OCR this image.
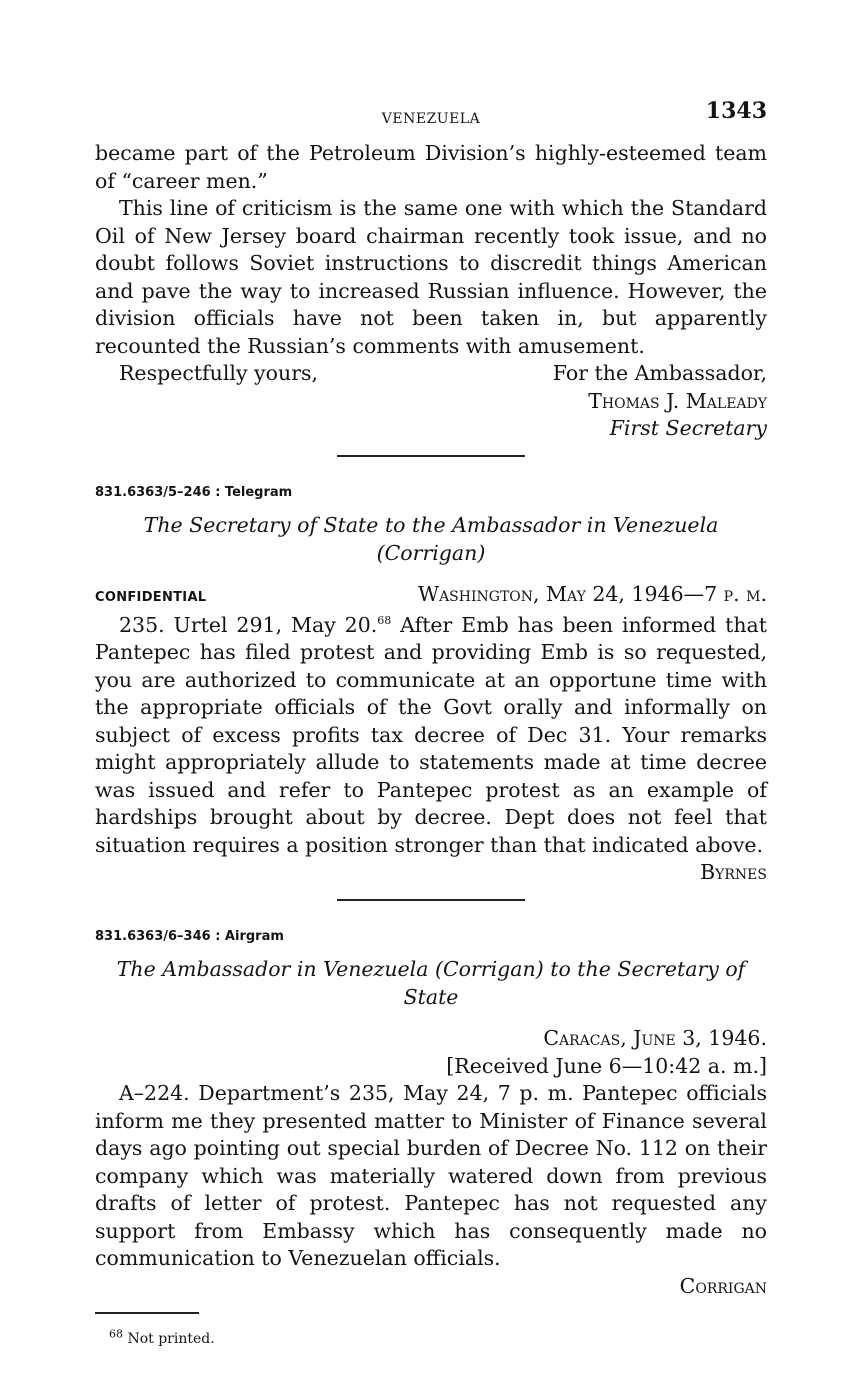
VENEZUELA	1343

became part of the Petroleum Division’s highly-esteemed team of “career men.”

This line of criticism is the same one with which the Standard Oil of New Jersey board chairman recently took issue, and no doubt follows Soviet instructions to discredit things American and pave the way to increased Russian influence. However, the division officials have not been taken in, but apparently recounted the Russian’s comments with amusement.

Respectfully yours,	For the Ambassador,
Thomas J. Maleady
First Secretary
831.6363/5–246 : Telegram
The Secretary of State to the Ambassador in Venezuela (Corrigan)
CONFIDENTIAL	Washington, May 24, 1946—7 p. m.

235. Urtel 291, May 20.68 After Emb has been informed that Pantepec has filed protest and providing Emb is so requested, you are authorized to communicate at an opportune time with the appropriate officials of the Govt orally and informally on subject of excess profits tax decree of Dec 31. Your remarks might appropriately allude to statements made at time decree was issued and refer to Pantepec protest as an example of hardships brought about by decree. Dept does not feel that situation requires a position stronger than that indicated above.

Byrnes
831.6363/6–346 : Airgram
The Ambassador in Venezuela (Corrigan) to the Secretary of State
Caracas, June 3, 1946.
[Received June 6—10:42 a. m.]

A–224. Department’s 235, May 24, 7 p. m. Pantepec officials inform me they presented matter to Minister of Finance several days ago pointing out special burden of Decree No. 112 on their company which was materially watered down from previous drafts of letter of protest. Pantepec has not requested any support from Embassy which has consequently made no communication to Venezuelan officials.

Corrigan
$^{68}$ Not printed.
